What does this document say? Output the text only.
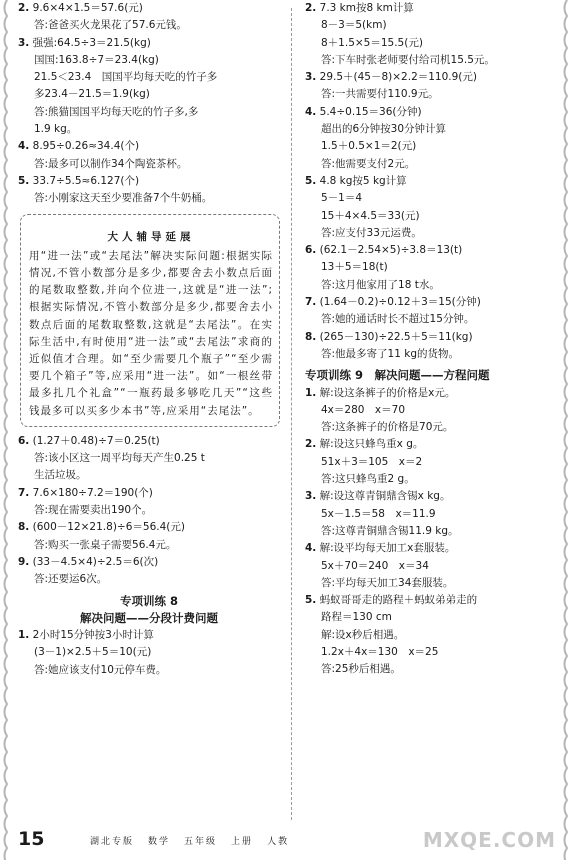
2. 9.6×4×1.5＝57.6(元)
答:爸爸买火龙果花了57.6元钱。
3. 强强:64.5÷3＝21.5(kg)
国国:163.8÷7＝23.4(kg)
21.5＜23.4　国国平均每天吃的竹子多
多23.4－21.5＝1.9(kg)
答:熊猫国国平均每天吃的竹子多,多
1.9 kg。
4. 8.95÷0.26≈34.4(个)
答:最多可以制作34个陶瓷茶杯。
5. 33.7÷5.5≈6.127(个)
答:小刚家这天至少要准备7个牛奶桶。
大人辅导延展
用“进一法”或“去尾法”解决实际问题:根据实际情况,不管小数部分是多少,都要舍去小数点后面的尾数取整数,并向个位进一,这就是“进一法”;根据实际情况,不管小数部分是多少,都要舍去小数点后面的尾数取整数,这就是“去尾法”。在实际生活中,有时使用“进一法”或“去尾法”求商的近似值才合理。如“至少需要几个瓶子”“至少需要几个箱子”等,应采用“进一法”。如“一根丝带最多扎几个礼盒”“一瓶药最多够吃几天”“这些钱最多可以买多少本书”等,应采用“去尾法”。
6. (1.27＋0.48)÷7＝0.25(t)
答:该小区这一周平均每天产生0.25 t
生活垃圾。
7. 7.6×180÷7.2＝190(个)
答:现在需要卖出190个。
8. (600－12×21.8)÷6＝56.4(元)
答:购买一张桌子需要56.4元。
9. (33－4.5×4)÷2.5＝6(次)
答:还要运6次。
专项训练 8
解决问题——分段计费问题
1. 2小时15分钟按3小时计算
(3－1)×2.5＋5＝10(元)
答:她应该支付10元停车费。
2. 7.3 km按8 km计算
8－3＝5(km)
8＋1.5×5＝15.5(元)
答:下车时张老师要付给司机15.5元。
3. 29.5＋(45－8)×2.2＝110.9(元)
答:一共需要付110.9元。
4. 5.4÷0.15＝36(分钟)
超出的6分钟按30分钟计算
1.5＋0.5×1＝2(元)
答:他需要支付2元。
5. 4.8 kg按5 kg计算
5－1＝4
15＋4×4.5＝33(元)
答:应支付33元运费。
6. (62.1－2.54×5)÷3.8＝13(t)
13＋5＝18(t)
答:这月他家用了18 t水。
7. (1.64－0.2)÷0.12＋3＝15(分钟)
答:她的通话时长不超过15分钟。
8. (265－130)÷22.5＋5＝11(kg)
答:他最多寄了11 kg的货物。
专项训练 9　解决问题——方程问题
1. 解:设这条裤子的价格是x元。
4x＝280　x＝70
答:这条裤子的价格是70元。
2. 解:设这只蜂鸟重x g。
51x＋3＝105　x＝2
答:这只蜂鸟重2 g。
3. 解:设这尊青铜鼎含锡x kg。
5x－1.5＝58　x＝11.9
答:这尊青铜鼎含锡11.9 kg。
4. 解:设平均每天加工x套服装。
5x＋70＝240　x＝34
答:平均每天加工34套服装。
5. 蚂蚁哥哥走的路程＋蚂蚁弟弟走的
路程＝130 cm
解:设x秒后相遇。
1.2x＋4x＝130　x＝25
答:25秒后相遇。
15	湖北专版 数学 五年级 上册 人教	MXQE.COM
